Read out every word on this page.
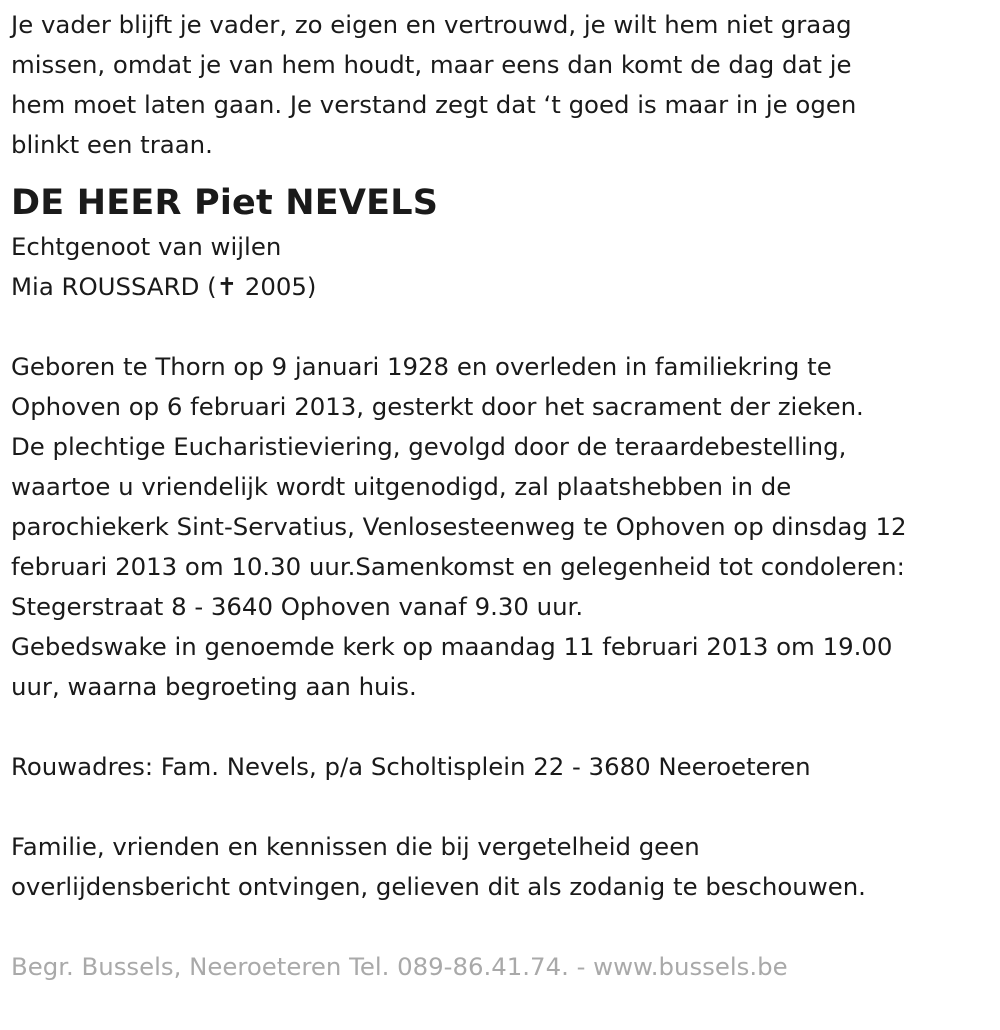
Je vader blijft je vader, zo eigen en vertrouwd, je wilt hem niet graag
missen, omdat je van hem houdt, maar eens dan komt de dag dat je
hem moet laten gaan. Je verstand zegt dat ‘t goed is maar in je ogen
blinkt een traan.
DE HEER Piet NEVELS
Echtgenoot van wijlen
Mia ROUSSARD (✝ 2005)
Geboren te Thorn op 9 januari 1928 en overleden in familiekring te
Ophoven op 6 februari 2013, gesterkt door het sacrament der zieken.
De plechtige Eucharistieviering, gevolgd door de teraardebestelling,
waartoe u vriendelijk wordt uitgenodigd, zal plaatshebben in de
parochiekerk Sint-Servatius, Venlosesteenweg te Ophoven op dinsdag 12
februari 2013 om 10.30 uur.Samenkomst en gelegenheid tot condoleren:
Stegerstraat 8 - 3640 Ophoven vanaf 9.30 uur.
Gebedswake in genoemde kerk op maandag 11 februari 2013 om 19.00
uur, waarna begroeting aan huis.
Rouwadres: Fam. Nevels, p/a Scholtisplein 22 - 3680 Neeroeteren
Familie, vrienden en kennissen die bij vergetelheid geen
overlijdensbericht ontvingen, gelieven dit als zodanig te beschouwen.
Begr. Bussels, Neeroeteren Tel. 089-86.41.74. - www.bussels.be
